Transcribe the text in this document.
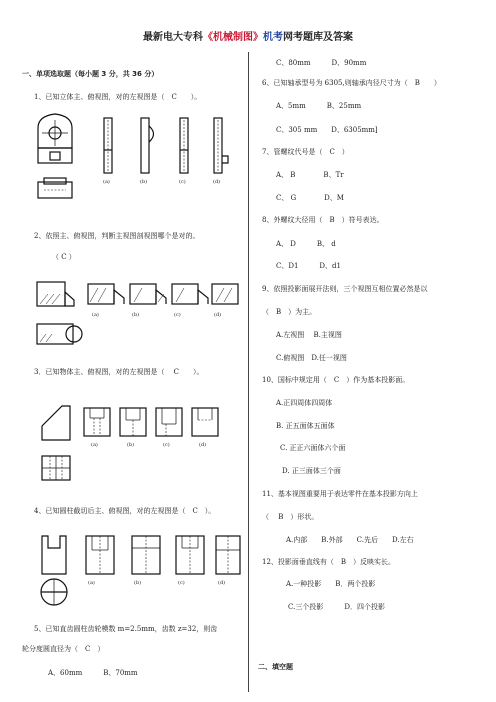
最新电大专科《机械制图》机考网考题库及答案
一、单项选取题（每小题 3 分，共 36 分）
1、已知立体主、俯视图，对的左视图是（　C　　）。
(a)	(b)	(c)	(d)
2、依照主、俯视图，判断主视图剖视图哪个是对的。
（ C ）
(a)	(b)	(c)	(d)
3．已知物体主、俯视图，对的左视图是（　 C　　）。
(a)	(b)	(c)	(d)
4、已知圆柱截切后主、俯视图，对的左视图是（　C　）。
(a)	(b)	(c)	(d)
5、已知直齿圆柱齿轮模数 m=2.5mm，齿数 z=32，则齿
轮分度圆直径为（　C　）
A、60mm　　　B、70mm
C、80mm　　　D、90mm
6、已知轴承型号为 6305,则轴承内径尺寸为（　B　　）
A、5mm　　　B、25mm
C、305 mm　　D、6305mm]
7、管螺纹代号是（　C　）
A、 B　　　　B、Tr
C、 G　　　　D、M
8、外螺纹大径用（　B　）符号表达。
A、 D　　　B、 d
C、D1　　　D、d1
9、依照投影面展开法则，三个视图互相位置必然是以
（　B　）为主。
A.左视图　 B.主视图
C.俯视图　D.任一视图
10、国标中规定用（　C　）作为基本投影面。
A.正四周体四周体
B. 正五面体五面体
C. 正正六面体六个面
D. 正三面体三个面
11、基本视图重要用于表达零件在基本投影方向上
（　 B　）形状。
A.内部　　B.外部　　C.先后　　D.左右
12、投影面垂直线有（　B　）反映实长。
A.一种投影　　B．两个投影
C.三个投影　　　D．四个投影
二、填空题
